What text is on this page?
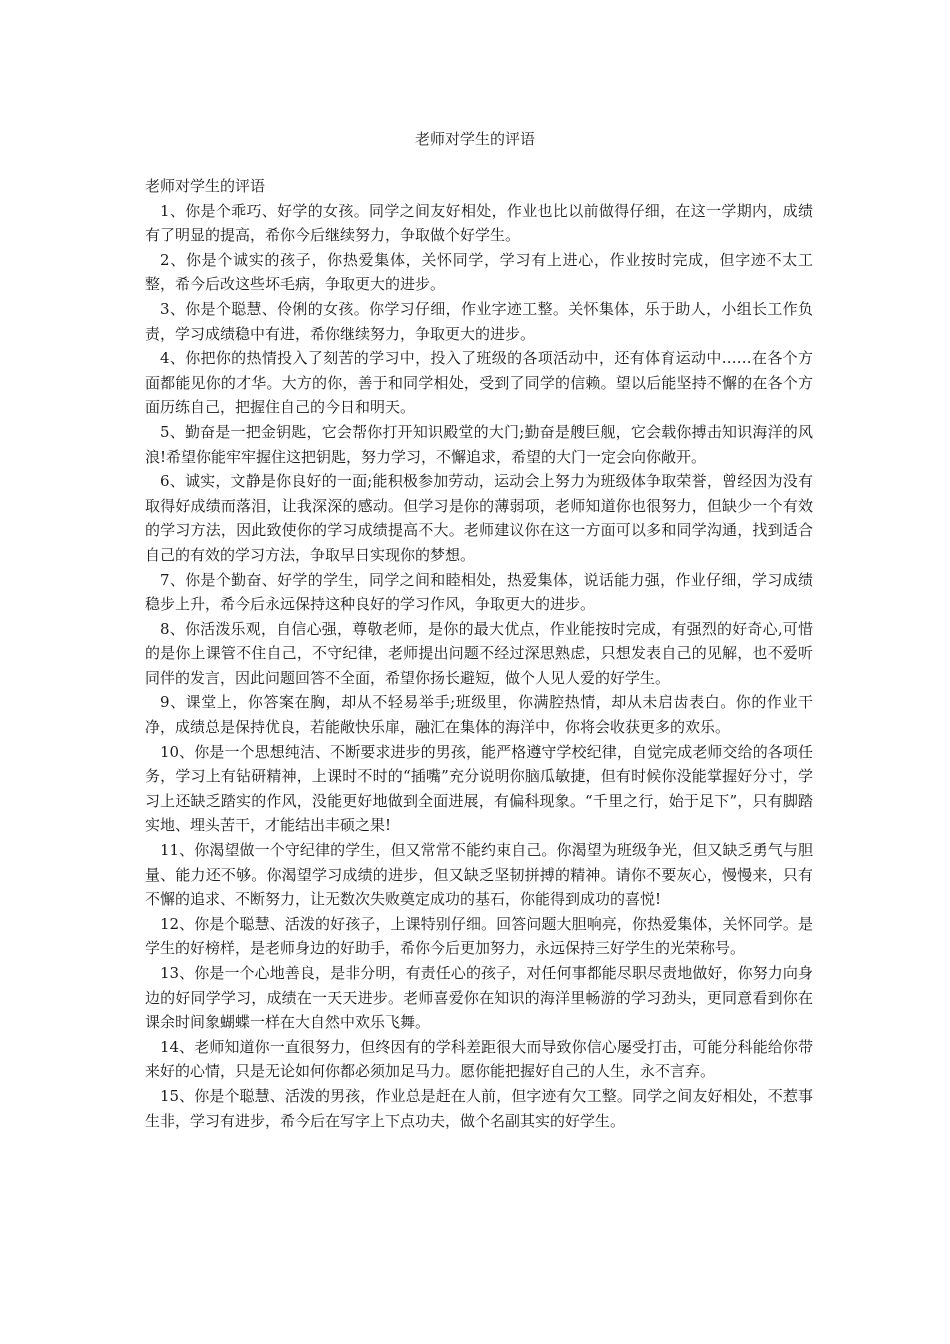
老师对学生的评语

老师对学生的评语

1、你是个乖巧、好学的女孩。同学之间友好相处，作业也比以前做得仔细，在这一学期内，成绩有了明显的提高，希你今后继续努力，争取做个好学生。

2、你是个诚实的孩子，你热爱集体，关怀同学，学习有上进心，作业按时完成，但字迹不太工整，希今后改这些坏毛病，争取更大的进步。

3、你是个聪慧、伶俐的女孩。你学习仔细，作业字迹工整。关怀集体，乐于助人，小组长工作负责，学习成绩稳中有进，希你继续努力，争取更大的进步。

4、你把你的热情投入了刻苦的学习中，投入了班级的各项活动中，还有体育运动中……在各个方面都能见你的才华。大方的你，善于和同学相处，受到了同学的信赖。望以后能坚持不懈的在各个方面历练自己，把握住自己的今日和明天。

5、勤奋是一把金钥匙，它会帮你打开知识殿堂的大门;勤奋是艘巨舰，它会载你搏击知识海洋的风浪!希望你能牢牢握住这把钥匙，努力学习，不懈追求，希望的大门一定会向你敞开。

6、诚实，文静是你良好的一面;能积极参加劳动，运动会上努力为班级体争取荣誉，曾经因为没有取得好成绩而落泪，让我深深的感动。但学习是你的薄弱项，老师知道你也很努力，但缺少一个有效的学习方法，因此致使你的学习成绩提高不大。老师建议你在这一方面可以多和同学沟通，找到适合自己的有效的学习方法，争取早日实现你的梦想。

7、你是个勤奋、好学的学生，同学之间和睦相处，热爱集体，说话能力强，作业仔细，学习成绩稳步上升，希今后永远保持这种良好的学习作风，争取更大的进步。

8、你活泼乐观，自信心强，尊敬老师，是你的最大优点，作业能按时完成，有强烈的好奇心,可惜的是你上课管不住自己，不守纪律，老师提出问题不经过深思熟虑，只想发表自己的见解，也不爱听同伴的发言，因此问题回答不全面，希望你扬长避短，做个人见人爱的好学生。

9、课堂上，你答案在胸，却从不轻易举手;班级里，你满腔热情，却从未启齿表白。你的作业干净，成绩总是保持优良，若能敞快乐扉，融汇在集体的海洋中，你将会收获更多的欢乐。

10、你是一个思想纯洁、不断要求进步的男孩，能严格遵守学校纪律，自觉完成老师交给的各项任务，学习上有钻研精神，上课时不时的“插嘴”充分说明你脑瓜敏捷，但有时候你没能掌握好分寸，学习上还缺乏踏实的作风，没能更好地做到全面进展，有偏科现象。“千里之行，始于足下”，只有脚踏实地、埋头苦干，才能结出丰硕之果!

11、你渴望做一个守纪律的学生，但又常常不能约束自己。你渴望为班级争光，但又缺乏勇气与胆量、能力还不够。你渴望学习成绩的进步，但又缺乏坚韧拼搏的精神。请你不要灰心，慢慢来，只有不懈的追求、不断努力，让无数次失败奠定成功的基石，你能得到成功的喜悦!

12、你是个聪慧、活泼的好孩子，上课特别仔细。回答问题大胆响亮，你热爱集体，关怀同学。是学生的好榜样，是老师身边的好助手，希你今后更加努力，永远保持三好学生的光荣称号。

13、你是一个心地善良，是非分明，有责任心的孩子，对任何事都能尽职尽责地做好，你努力向身边的好同学学习，成绩在一天天进步。老师喜爱你在知识的海洋里畅游的学习劲头，更同意看到你在课余时间象蝴蝶一样在大自然中欢乐飞舞。

14、老师知道你一直很努力，但终因有的学科差距很大而导致你信心屡受打击，可能分科能给你带来好的心情，只是无论如何你都必须加足马力。愿你能把握好自己的人生，永不言弃。

15、你是个聪慧、活泼的男孩，作业总是赶在人前，但字迹有欠工整。同学之间友好相处，不惹事生非，学习有进步，希今后在写字上下点功夫，做个名副其实的好学生。
